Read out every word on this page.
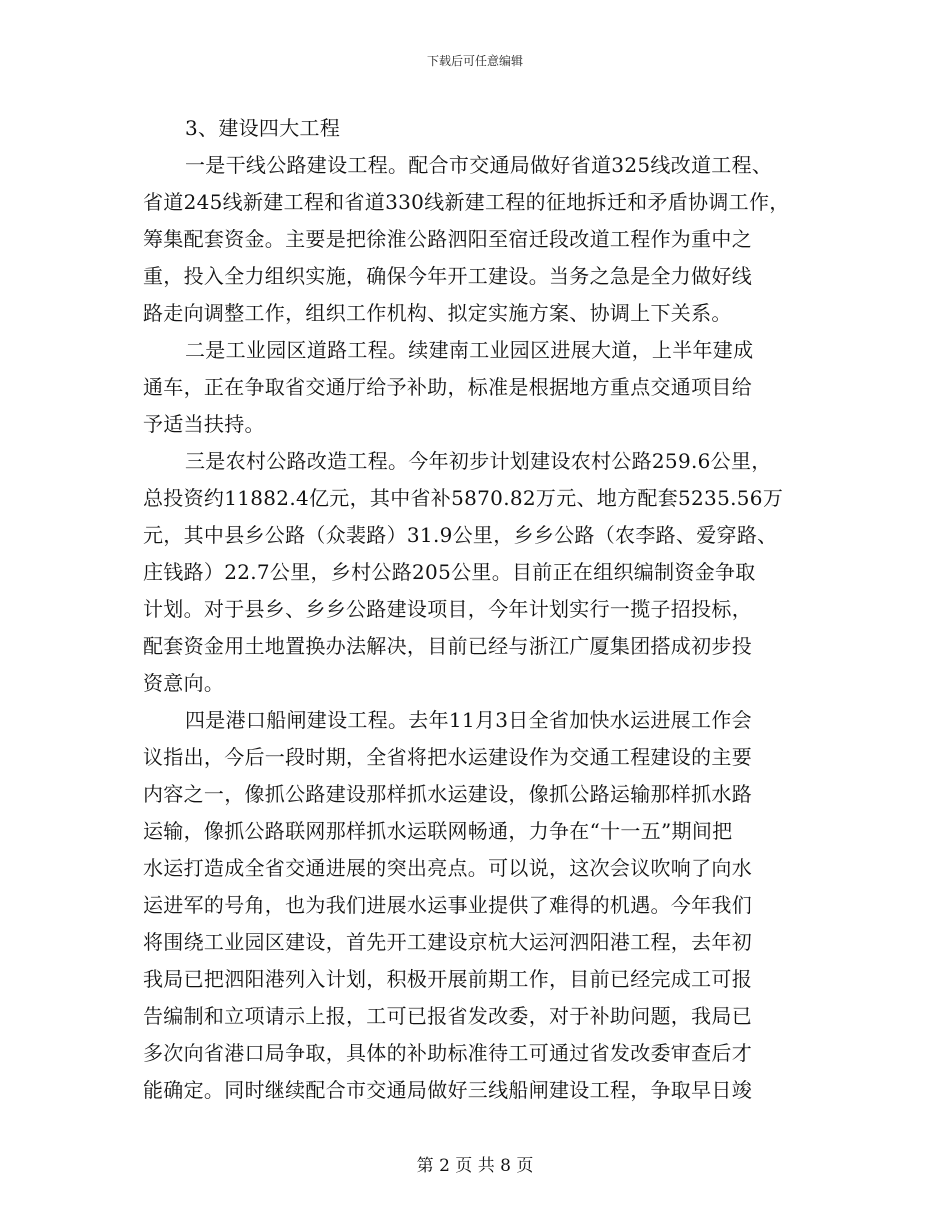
下载后可任意编辑
3、建设四大工程
一是干线公路建设工程。配合市交通局做好省道325线改道工程、
省道245线新建工程和省道330线新建工程的征地拆迁和矛盾协调工作，
筹集配套资金。主要是把徐淮公路泗阳至宿迁段改道工程作为重中之
重，投入全力组织实施，确保今年开工建设。当务之急是全力做好线
路走向调整工作，组织工作机构、拟定实施方案、协调上下关系。
二是工业园区道路工程。续建南工业园区进展大道，上半年建成
通车，正在争取省交通厅给予补助，标准是根据地方重点交通项目给
予适当扶持。
三是农村公路改造工程。今年初步计划建设农村公路259.6公里，
总投资约11882.4亿元，其中省补5870.82万元、地方配套5235.56万
元，其中县乡公路（众裴路）31.9公里，乡乡公路（农李路、爱穿路、
庄钱路）22.7公里，乡村公路205公里。目前正在组织编制资金争取
计划。对于县乡、乡乡公路建设项目，今年计划实行一揽子招投标，
配套资金用土地置换办法解决，目前已经与浙江广厦集团搭成初步投
资意向。
四是港口船闸建设工程。去年11月3日全省加快水运进展工作会
议指出，今后一段时期，全省将把水运建设作为交通工程建设的主要
内容之一，像抓公路建设那样抓水运建设，像抓公路运输那样抓水路
运输，像抓公路联网那样抓水运联网畅通，力争在“十一五”期间把
水运打造成全省交通进展的突出亮点。可以说，这次会议吹响了向水
运进军的号角，也为我们进展水运事业提供了难得的机遇。今年我们
将围绕工业园区建设，首先开工建设京杭大运河泗阳港工程，去年初
我局已把泗阳港列入计划，积极开展前期工作，目前已经完成工可报
告编制和立项请示上报，工可已报省发改委，对于补助问题，我局已
多次向省港口局争取，具体的补助标准待工可通过省发改委审查后才
能确定。同时继续配合市交通局做好三线船闸建设工程，争取早日竣
第 2 页 共 8 页
